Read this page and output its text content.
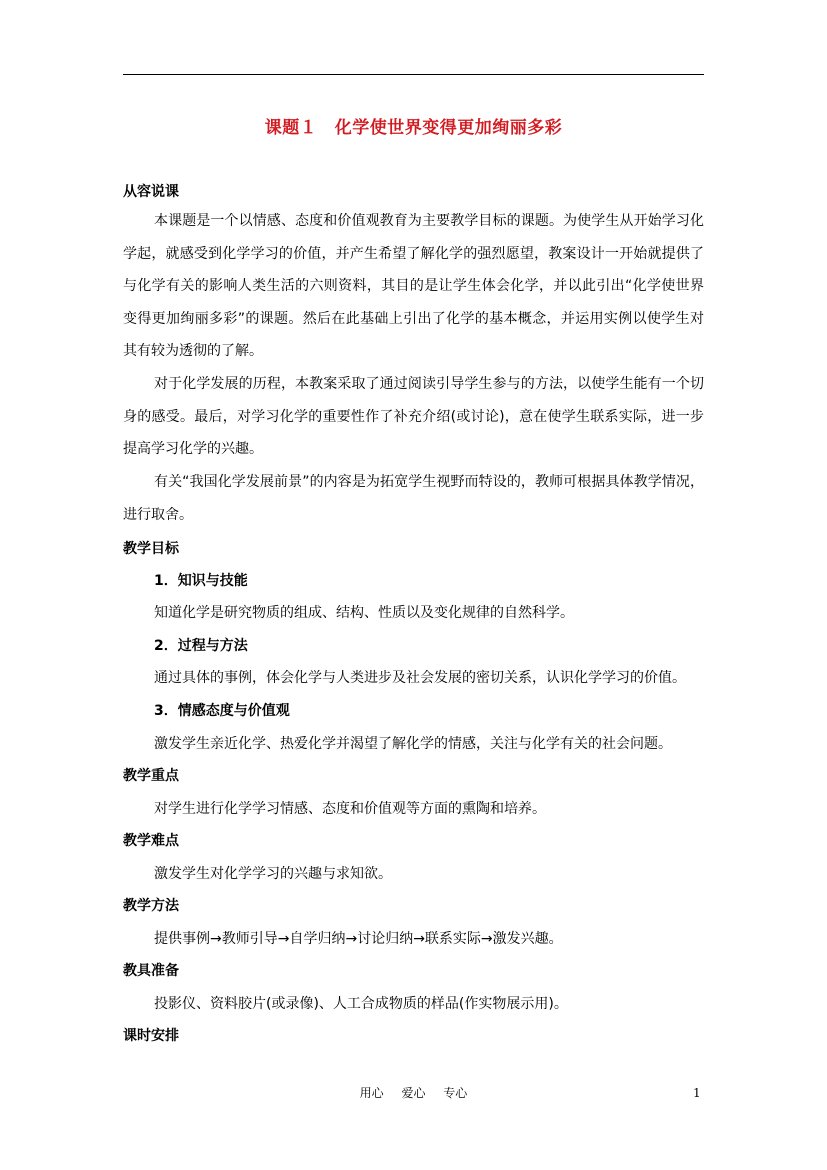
课题１　化学使世界变得更加绚丽多彩
从容说课

本课题是一个以情感、态度和价值观教育为主要教学目标的课题。为使学生从开始学习化学起，就感受到化学学习的价值，并产生希望了解化学的强烈愿望，教案设计一开始就提供了与化学有关的影响人类生活的六则资料，其目的是让学生体会化学，并以此引出“化学使世界变得更加绚丽多彩”的课题。然后在此基础上引出了化学的基本概念，并运用实例以使学生对其有较为透彻的了解。

对于化学发展的历程，本教案采取了通过阅读引导学生参与的方法，以使学生能有一个切身的感受。最后，对学习化学的重要性作了补充介绍(或讨论)，意在使学生联系实际，进一步提高学习化学的兴趣。

有关“我国化学发展前景”的内容是为拓宽学生视野而特设的，教师可根据具体教学情况，进行取舍。

教学目标
1．知识与技能
知道化学是研究物质的组成、结构、性质以及变化规律的自然科学。
2．过程与方法
通过具体的事例，体会化学与人类进步及社会发展的密切关系，认识化学学习的价值。
3．情感态度与价值观
激发学生亲近化学、热爱化学并渴望了解化学的情感，关注与化学有关的社会问题。
教学重点
对学生进行化学学习情感、态度和价值观等方面的熏陶和培养。
教学难点
激发学生对化学学习的兴趣与求知欲。
教学方法
提供事例→教师引导→自学归纳→讨论归纳→联系实际→激发兴趣。
教具准备
投影仪、资料胶片(或录像)、人工合成物质的样品(作实物展示用)。
课时安排
用心 爱心 专心	1
